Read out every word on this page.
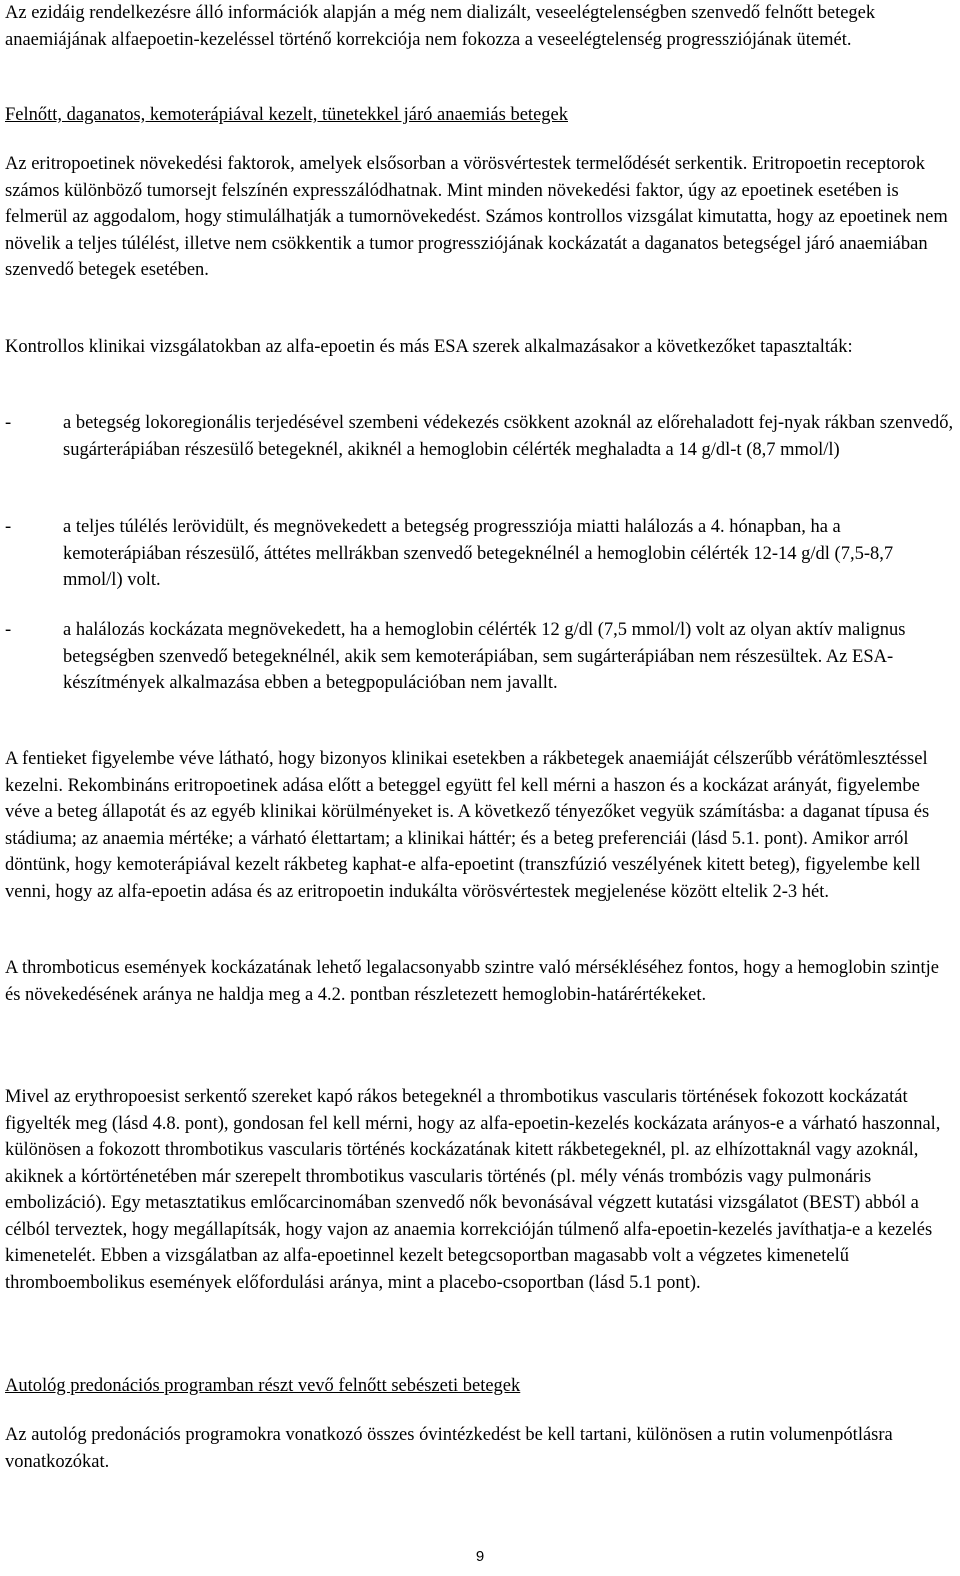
Az ezidáig rendelkezésre álló információk alapján a még nem dializált, veseelégtelenségben szenvedő felnőtt betegek anaemiájának alfaepoetin-kezeléssel történő korrekciója nem fokozza a veseelégtelenség progressziójának ütemét.

Felnőtt, daganatos, kemoterápiával kezelt, tünetekkel járó anaemiás betegek

Az eritropoetinek növekedési faktorok, amelyek elsősorban a vörösvértestek termelődését serkentik. Eritropoetin receptorok számos különböző tumorsejt felszínén expresszálódhatnak. Mint minden növekedési faktor, úgy az epoetinek esetében is felmerül az aggodalom, hogy stimulálhatják a tumornövekedést. Számos kontrollos vizsgálat kimutatta, hogy az epoetinek nem növelik a teljes túlélést, illetve nem csökkentik a tumor progressziójának kockázatát a daganatos betegségel járó anaemiában szenvedő betegek esetében.

Kontrollos klinikai vizsgálatokban az alfa-epoetin és más ESA szerek alkalmazásakor a következőket tapasztalták:

-	a betegség lokoregionális terjedésével szembeni védekezés csökkent azoknál az előrehaladott fej-nyak rákban szenvedő, sugárterápiában részesülő betegeknél, akiknél a hemoglobin célérték meghaladta a 14 g/dl-t (8,7 mmol/l)
-	a teljes túlélés lerövidült, és megnövekedett a betegség progressziója miatti halálozás a 4. hónapban, ha a kemoterápiában részesülő, áttétes mellrákban szenvedő betegeknélnél a hemoglobin célérték 12-14 g/dl (7,5-8,7 mmol/l) volt.
-	a halálozás kockázata megnövekedett, ha a hemoglobin célérték 12 g/dl (7,5 mmol/l) volt az olyan aktív malignus betegségben szenvedő betegeknélnél, akik sem kemoterápiában, sem sugárterápiában nem részesültek. Az ESA-készítmények alkalmazása ebben a betegpopulációban nem javallt.

A fentieket figyelembe véve látható, hogy bizonyos klinikai esetekben a rákbetegek anaemiáját célszerűbb vérátömlesztéssel kezelni. Rekombináns eritropoetinek adása előtt a beteggel együtt fel kell mérni a haszon és a kockázat arányát, figyelembe véve a beteg állapotát és az egyéb klinikai körülményeket is. A következő tényezőket vegyük számításba: a daganat típusa és stádiuma; az anaemia mértéke; a várható élettartam; a klinikai háttér; és a beteg preferenciái (lásd 5.1. pont). Amikor arról döntünk, hogy kemoterápiával kezelt rákbeteg kaphat-e alfa-epoetint (transzfúzió veszélyének kitett beteg), figyelembe kell venni, hogy az alfa-epoetin adása és az eritropoetin indukálta vörösvértestek megjelenése között eltelik 2-3 hét.

A thromboticus események kockázatának lehető legalacsonyabb szintre való mérsékléséhez fontos, hogy a hemoglobin szintje és növekedésének aránya ne haldja meg a 4.2. pontban részletezett hemoglobin-határértékeket.

Mivel az erythropoesist serkentő szereket kapó rákos betegeknél a thrombotikus vascularis történések fokozott kockázatát figyelték meg (lásd 4.8. pont), gondosan fel kell mérni, hogy az alfa-epoetin-kezelés kockázata arányos-e a várható haszonnal, különösen a fokozott thrombotikus vascularis történés kockázatának kitett rákbetegeknél, pl. az elhízottaknál vagy azoknál, akiknek a kórtörténetében már szerepelt thrombotikus vascularis történés (pl. mély vénás trombózis vagy pulmonáris embolizáció). Egy metasztatikus emlőcarcinomában szenvedő nők bevonásával végzett kutatási vizsgálatot (BEST) abból a célból terveztek, hogy megállapítsák, hogy vajon az anaemia korrekcióján túlmenő alfa-epoetin-kezelés javíthatja-e a kezelés kimenetelét. Ebben a vizsgálatban az alfa-epoetinnel kezelt betegcsoportban magasabb volt a végzetes kimenetelű thromboembolikus események előfordulási aránya, mint a placebo-csoportban (lásd 5.1 pont).

Autológ predonációs programban részt vevő felnőtt sebészeti betegek

Az autológ predonációs programokra vonatkozó összes óvintézkedést be kell tartani, különösen a rutin volumenpótlásra vonatkozókat.

9
